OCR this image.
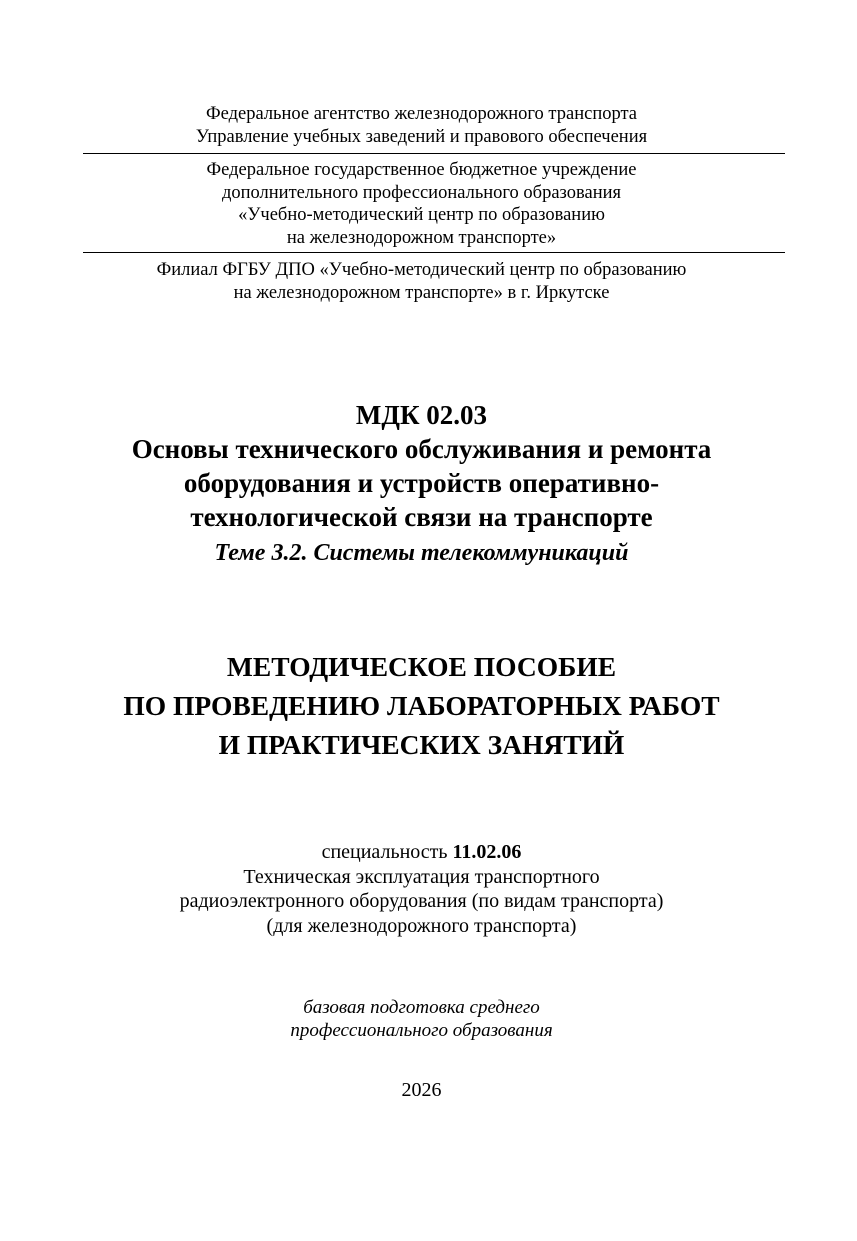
Федеральное агентство железнодорожного транспорта
Управление учебных заведений и правового обеспечения
Федеральное государственное бюджетное учреждение
дополнительного профессионального образования
«Учебно-методический центр по образованию
на железнодорожном транспорте»
Филиал ФГБУ ДПО «Учебно-методический центр по образованию
на железнодорожном транспорте» в г. Иркутске
МДК 02.03
Основы технического обслуживания и ремонта
оборудования и устройств оперативно-
технологической связи на транспорте
Теме 3.2. Системы телекоммуникаций
МЕТОДИЧЕСКОЕ ПОСОБИЕ
ПО ПРОВЕДЕНИЮ ЛАБОРАТОРНЫХ РАБОТ
И ПРАКТИЧЕСКИХ ЗАНЯТИЙ
специальность 11.02.06
Техническая эксплуатация транспортного
радиоэлектронного оборудования (по видам транспорта)
(для железнодорожного транспорта)
базовая подготовка среднего
профессионального образования
2026
